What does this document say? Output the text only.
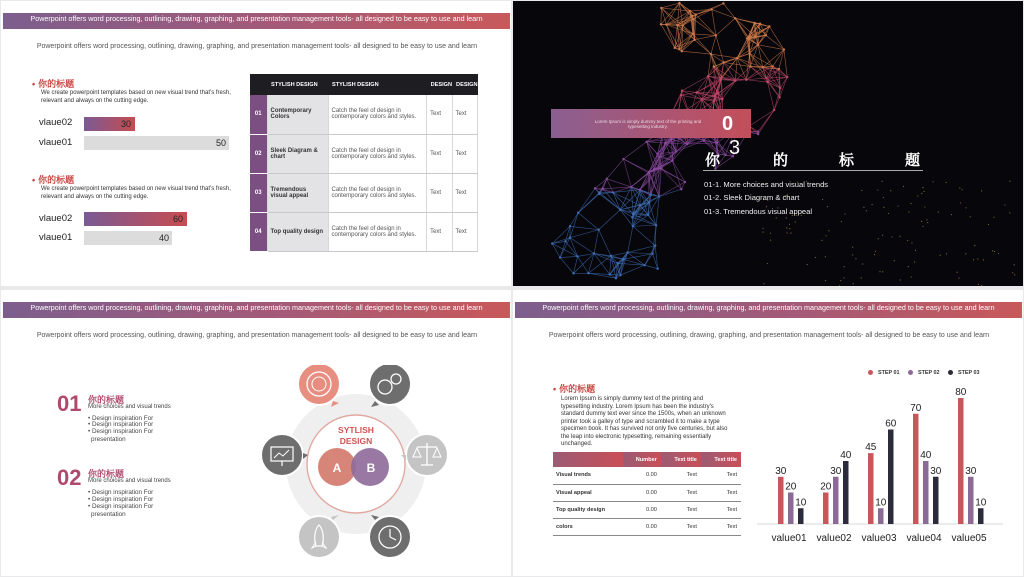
Powerpoint offers word processing, outlining, drawing, graphing, and presentation management tools- all designed to be easy to use and learn
Powerpoint offers word processing, outlining, drawing, graphing, and presentation management tools- all designed to be easy to use and learn
• 你的标题
We create powerpoint templates based on new visual trend that’s fresh, relevant and always on the cutting edge.
vlaue02	30
vlaue01	50
• 你的标题
We create powerpoint templates based on new visual trend that’s fresh, relevant and always on the cutting edge.
vlaue02	60
vlaue01	40
	STYLISH DESIGN	STYLISH DESIGN	DESIGN	DESIGN
01	Contemporary Colors	Catch the feel of design in contemporary colors and styles.	Text	Text
02	Sleek Diagram & chart	Catch the feel of design in contemporary colors and styles.	Text	Text
03	Tremendous visual appeal	Catch the feel of design in contemporary colors and styles.	Text	Text
04	Top quality design	Catch the feel of design in contemporary colors and styles.	Text	Text
Lorem Ipsum is simply dummy text of the printing and typesetting industry.	0
3
你	的	标	题
01-1. More choices and visual trends
01-2. Sleek Diagram & chart
01-3. Tremendous visual appeal
Powerpoint offers word processing, outlining, drawing, graphing, and presentation management tools- all designed to be easy to use and learn
Powerpoint offers word processing, outlining, drawing, graphing, and presentation management tools- all designed to be easy to use and learn
01 你的标题
More choices and visual trends
• Design inspiration For
• Design inspiration For
• Design inspiration For
presentation
02 你的标题
More choices and visual trends
• Design inspiration For
• Design inspiration For
• Design inspiration For
presentation
SYTLISH
DESIGN
A B
Powerpoint offers word processing, outlining, drawing, graphing, and presentation management tools- all designed to be easy to use and learn
Powerpoint offers word processing, outlining, drawing, graphing, and presentation management tools- all designed to be easy to use and learn
• 你的标题
Lorem Ipsum is simply dummy text of the printing and typesetting industry. Lorem Ipsum has been the industry's standard dummy text ever since the 1500s, when an unknown printer took a galley of type and scrambled it to make a type specimen book. It has survived not only five centuries, but also the leap into electronic typesetting, remaining essentially unchanged.
	Number	Text title	Text title
Visual trends	0.00	Text	Text
Visual appeal	0.00	Text	Text
Top quality design	0.00	Text	Text
colors	0.00	Text	Text
STEP 01	STEP 02	STEP 03
30
20
10
value01
20
30
40
value02
45
10
60
value03
70
40
30
value04
80
30
10
value05
